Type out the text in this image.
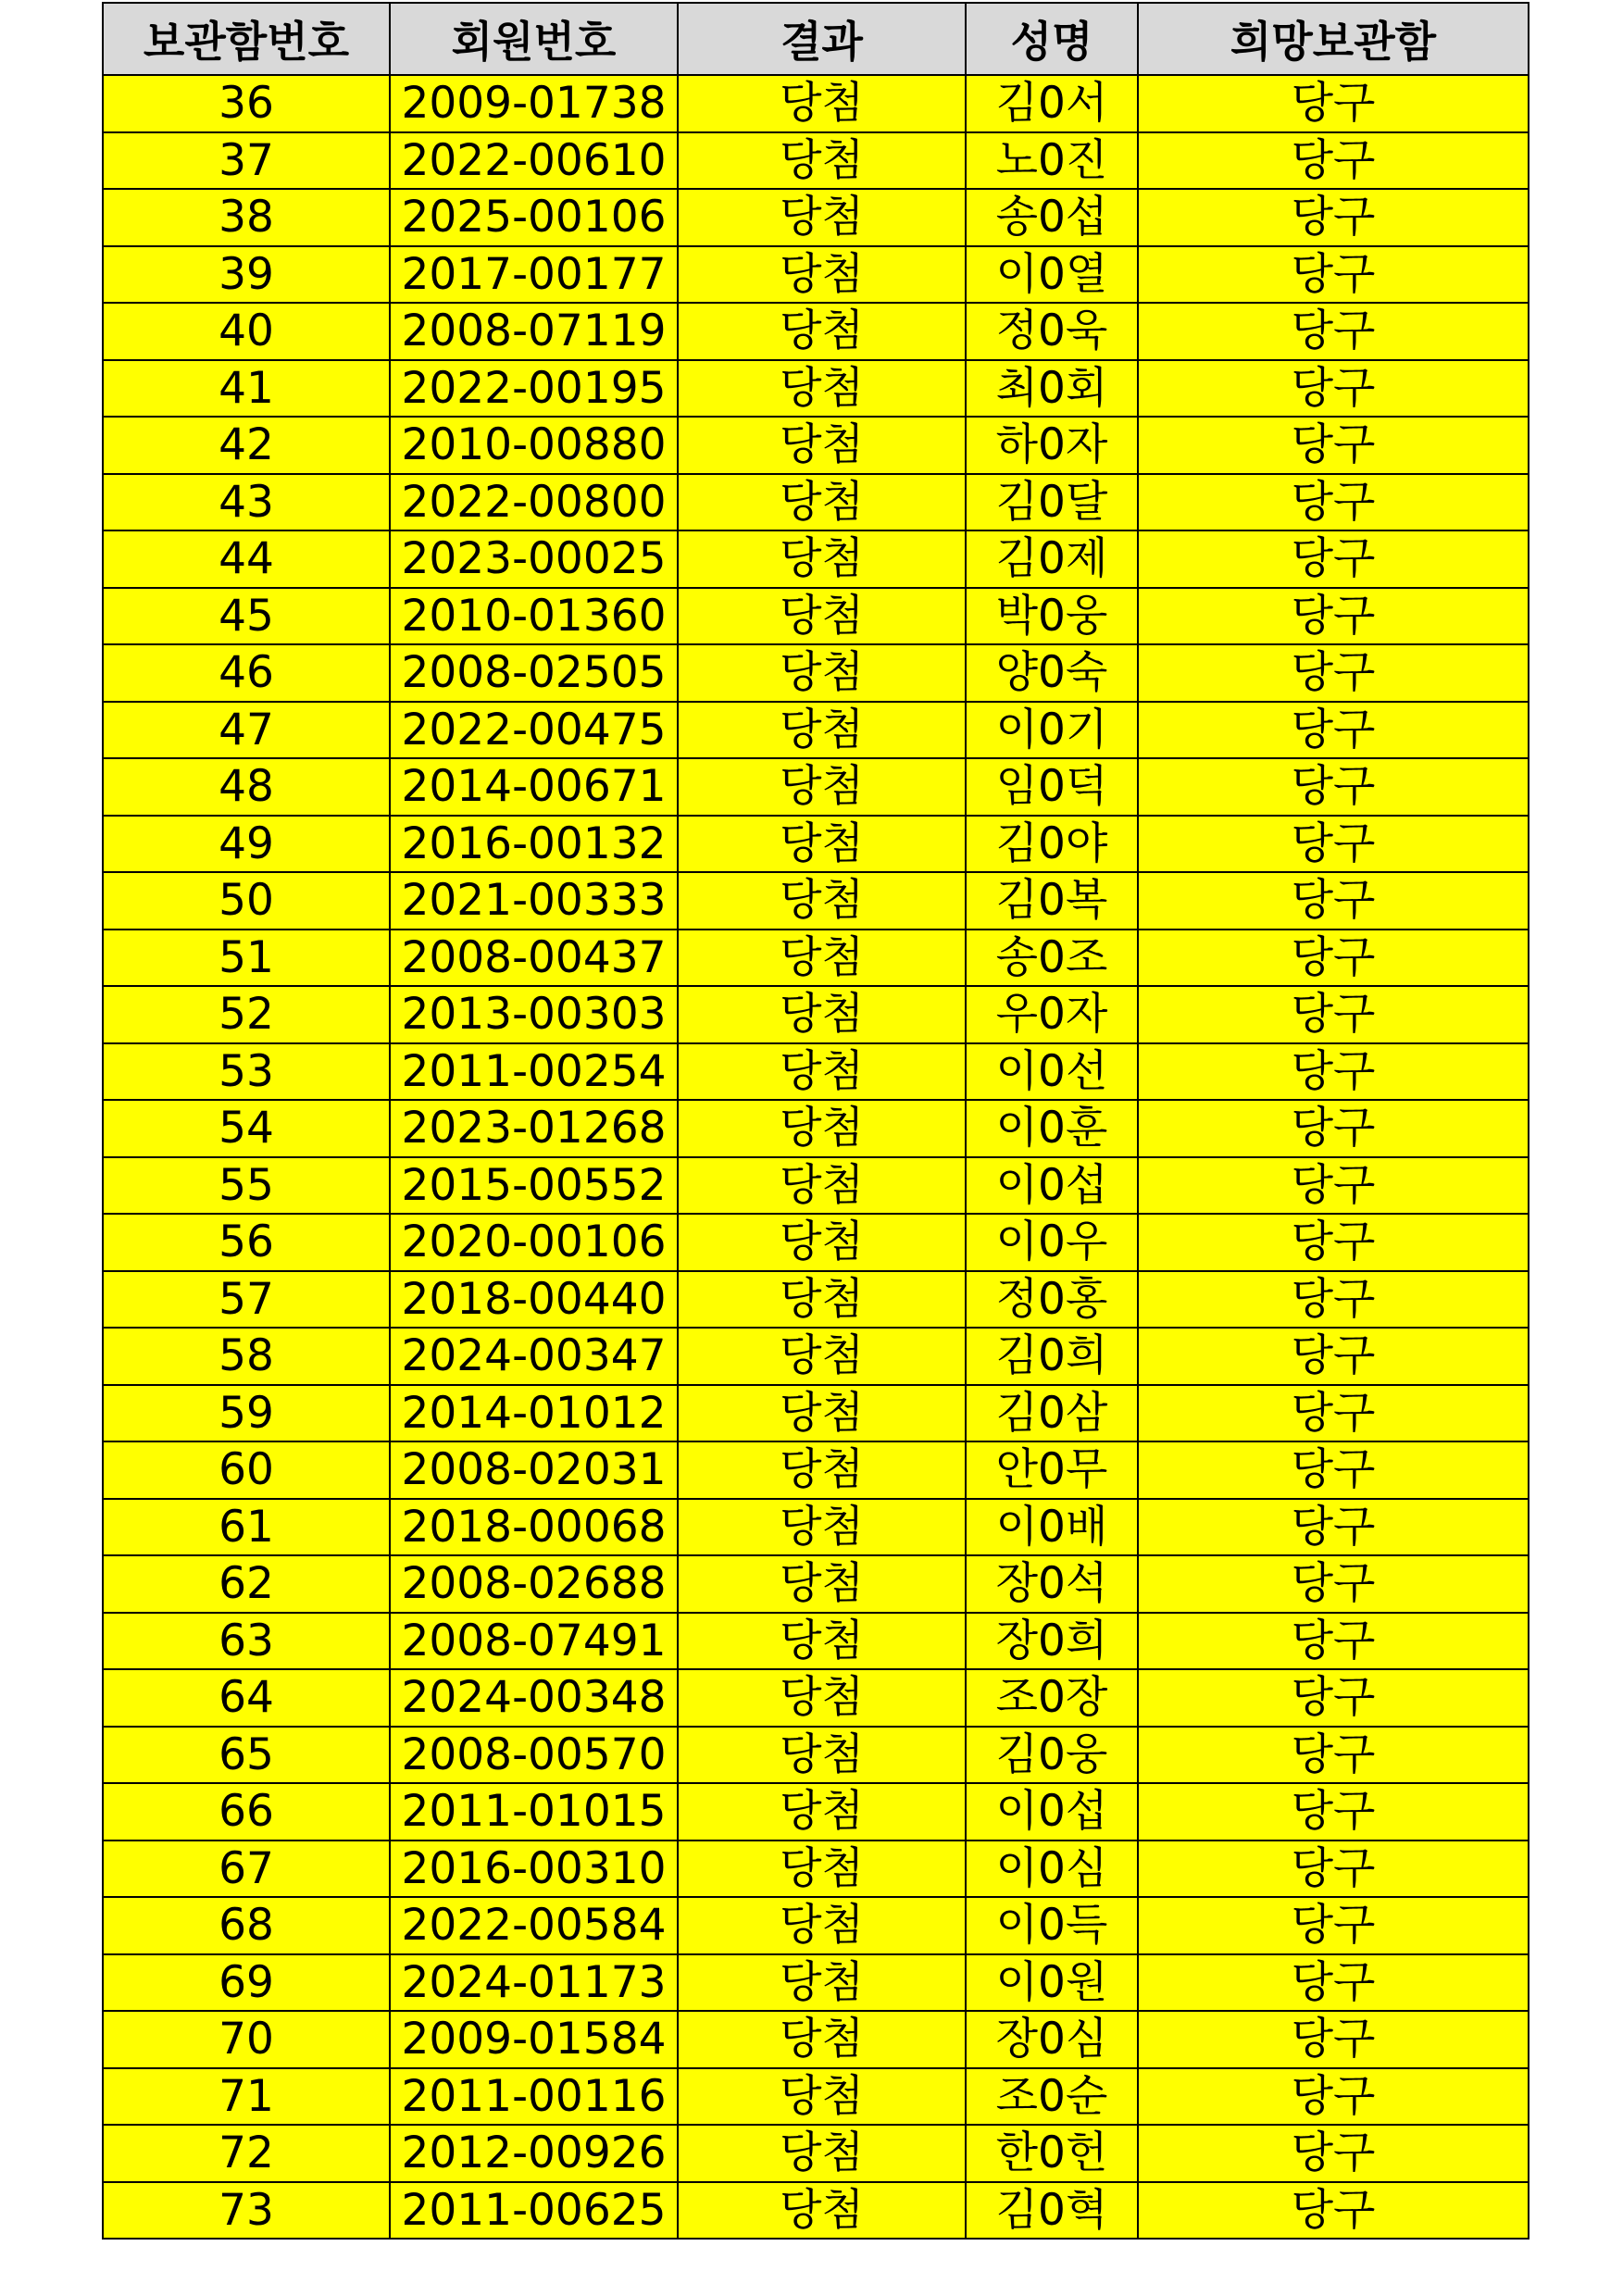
보관함번호	회원번호	결과	성명	희망보관함
36	2009-01738	당첨	김0서	당구
37	2022-00610	당첨	노0진	당구
38	2025-00106	당첨	송0섭	당구
39	2017-00177	당첨	이0열	당구
40	2008-07119	당첨	정0욱	당구
41	2022-00195	당첨	최0회	당구
42	2010-00880	당첨	하0자	당구
43	2022-00800	당첨	김0달	당구
44	2023-00025	당첨	김0제	당구
45	2010-01360	당첨	박0웅	당구
46	2008-02505	당첨	양0숙	당구
47	2022-00475	당첨	이0기	당구
48	2014-00671	당첨	임0덕	당구
49	2016-00132	당첨	김0야	당구
50	2021-00333	당첨	김0복	당구
51	2008-00437	당첨	송0조	당구
52	2013-00303	당첨	우0자	당구
53	2011-00254	당첨	이0선	당구
54	2023-01268	당첨	이0훈	당구
55	2015-00552	당첨	이0섭	당구
56	2020-00106	당첨	이0우	당구
57	2018-00440	당첨	정0홍	당구
58	2024-00347	당첨	김0희	당구
59	2014-01012	당첨	김0삼	당구
60	2008-02031	당첨	안0무	당구
61	2018-00068	당첨	이0배	당구
62	2008-02688	당첨	장0석	당구
63	2008-07491	당첨	장0희	당구
64	2024-00348	당첨	조0장	당구
65	2008-00570	당첨	김0웅	당구
66	2011-01015	당첨	이0섭	당구
67	2016-00310	당첨	이0심	당구
68	2022-00584	당첨	이0득	당구
69	2024-01173	당첨	이0원	당구
70	2009-01584	당첨	장0심	당구
71	2011-00116	당첨	조0순	당구
72	2012-00926	당첨	한0헌	당구
73	2011-00625	당첨	김0혁	당구
